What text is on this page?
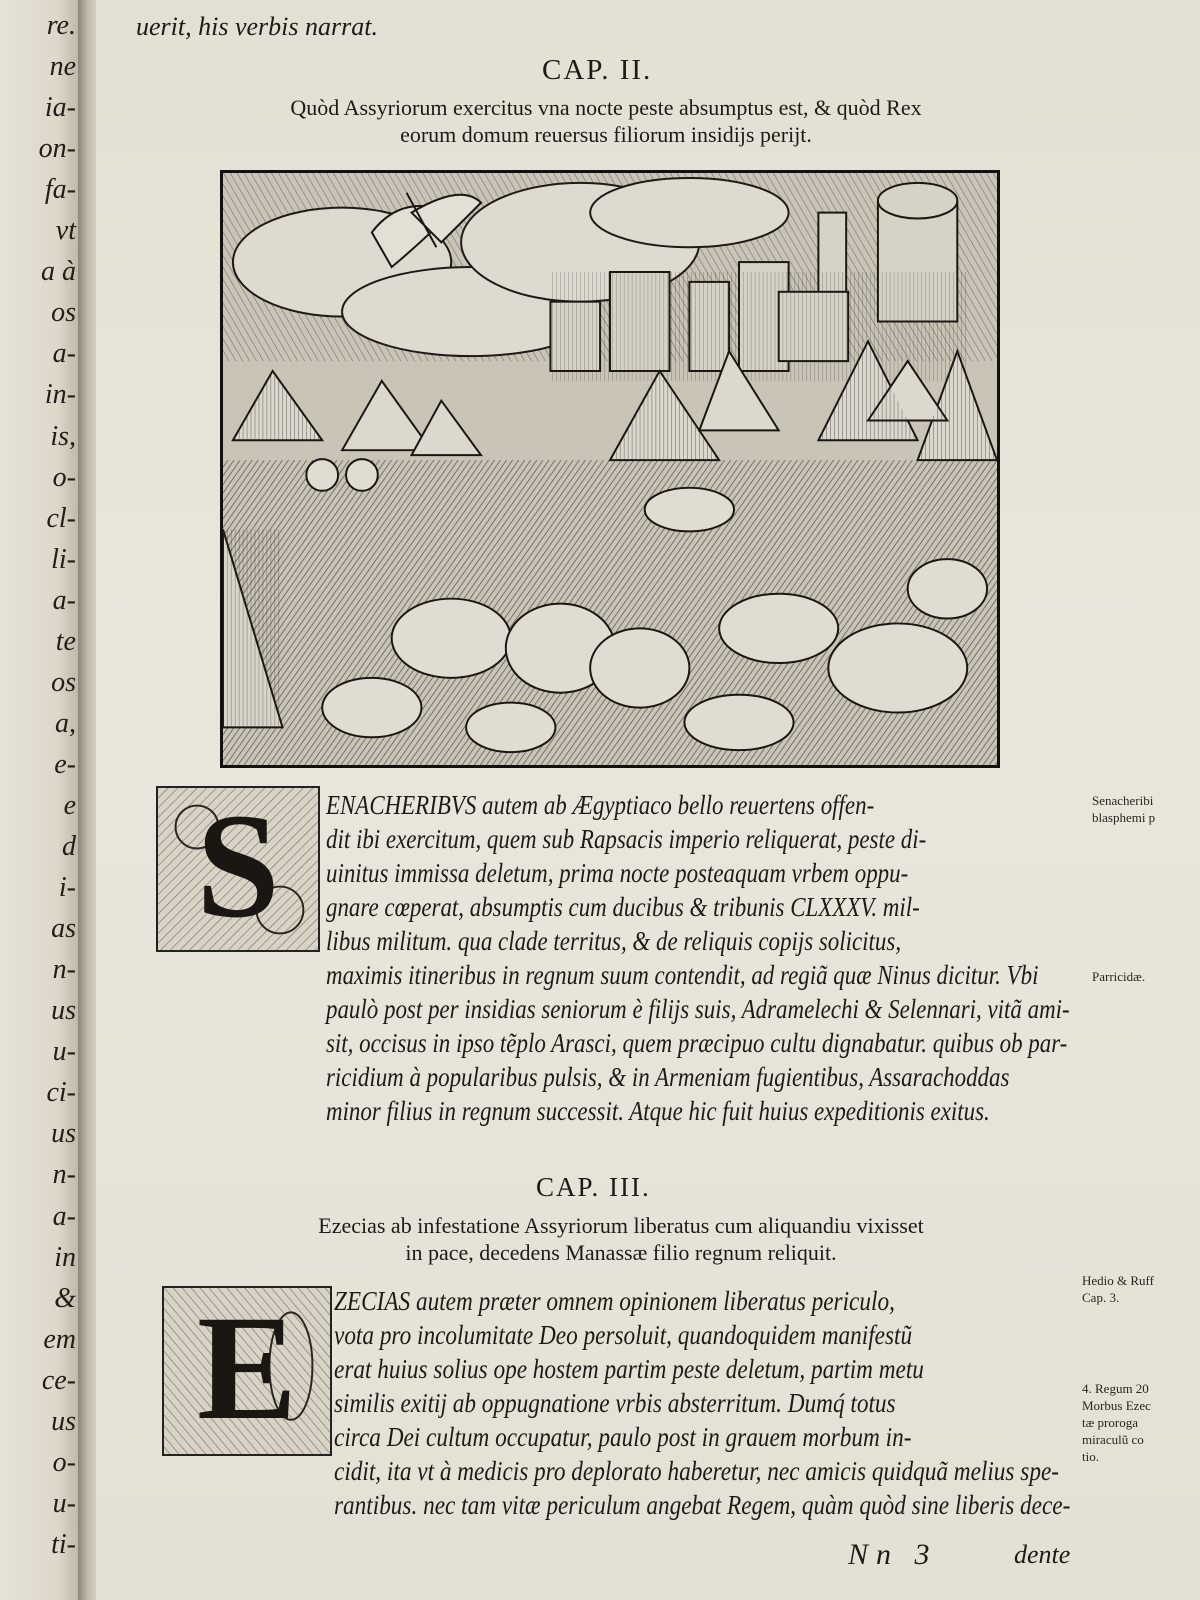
re.
ne
ia-
on-
fa-
vt
a à
os
a-
in-
is,
o-
cl-
li-
a-
te
os
a,
e-
e
d
i-
as
n-
us
u-
ci-
us
n-
a-
in
&
em
ce-
us
o-
u-
ti-
uerit, his verbis narrat.
CAP. II.
Quòd Assyriorum exercitus vna nocte peste absumptus est, & quòd Rex
eorum domum reuersus filiorum insidijs perijt.
S	ENACHERIBVS autem ab Ægyptiaco bello reuertens offen-
dit ibi exercitum, quem sub Rapsacis imperio reliquerat, peste di-
uinitus immissa deletum, prima nocte posteaquam vrbem oppu-
gnare cœperat, absumptis cum ducibus & tribunis CLXXXV. mil-
libus militum. qua clade territus, & de reliquis copijs solicitus,
maximis itineribus in regnum suum contendit, ad regiã quæ Ninus dicitur. Vbi
paulò post per insidias seniorum è filijs suis, Adramelechi & Selennari, vitã ami-
sit, occisus in ipso tẽplo Arasci, quem præcipuo cultu dignabatur. quibus ob par-
ricidium à popularibus pulsis, & in Armeniam fugientibus, Assarachoddas
minor filius in regnum successit. Atque hic fuit huius expeditionis exitus.
CAP. III.
Ezecias ab infestatione Assyriorum liberatus cum aliquandiu vixisset
in pace, decedens Manassæ filio regnum reliquit.
E	ZECIAS autem præter omnem opinionem liberatus periculo,
vota pro incolumitate Deo persoluit, quandoquidem manifestũ
erat huius solius ope hostem partim peste deletum, partim metu
similis exitij ab oppugnatione vrbis absterritum. Dumq́ totus
circa Dei cultum occupatur, paulo post in grauem morbum in-
cidit, ita vt à medicis pro deplorato haberetur, nec amicis quidquã melius spe-
rantibus. nec tam vitæ periculum angebat Regem, quàm quòd sine liberis dece-
Senacheribi
blasphemi p
Parricidæ.
Hedio & Ruff
Cap. 3.
4. Regum 20
Morbus Ezec
tæ proroga
miraculũ co
tio.
Nn 3	dente
